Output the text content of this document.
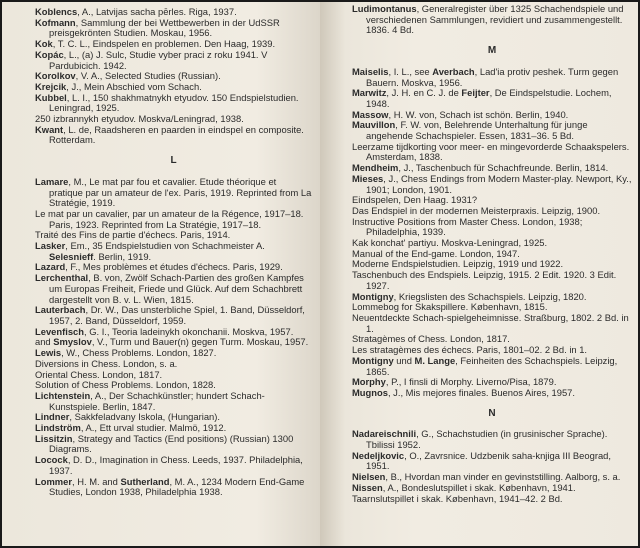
Koblencs, A., Latvijas sacha pērles. Riga, 1937.
Kofmann, Sammlung der bei Wettbewerben in der UdSSR preisgekrönten Studien. Moskau, 1956.
Kok, T. C. L., Eindspelen en problemen. Den Haag, 1939.
Kopác, L., (a) J. Sulc, Studie vyber praci z roku 1941. V Pardubicich. 1942.
Korolkov, V. A., Selected Studies (Russian).
Krejcik, J., Mein Abschied vom Schach.
Kubbel, L. I., 150 shakhmatnykh etyudov. 150 Endspielstudien. Leningrad, 1925.
250 izbrannykh etyudov. Moskva/Leningrad, 1938.
Kwant, L. de, Raadsheren en paarden in eindspel en composite. Rotterdam.
L
Lamare, M., Le mat par fou et cavalier. Etude théorique et pratique par un amateur de l'ex. Paris, 1919. Reprinted from La Stratégie, 1919.
Le mat par un cavalier, par un amateur de la Régence, 1917–18. Paris, 1923. Reprinted from La Stratégie, 1917–18.
Traité des Fins de partie d'échecs. Paris, 1914.
Lasker, Em., 35 Endspielstudien von Schachmeister A. Selesnieff. Berlin, 1919.
Lazard, F., Mes problèmes et études d'échecs. Paris, 1929.
Lerchenthal, B. von, Zwölf Schach-Partien des großen Kampfes um Europas Freiheit, Friede und Glück. Auf dem Schachbrett dargestellt von B. v. L. Wien, 1815.
Lauterbach, Dr. W., Das unsterbliche Spiel, 1. Band, Düsseldorf, 1957, 2. Band, Düsseldorf, 1959.
Levenfisch, G. I., Teoria ladeinykh okonchanii. Moskva, 1957.
and Smyslov, V., Turm und Bauer(n) gegen Turm. Moskau, 1957.
Lewis, W., Chess Problems. London, 1827.
Diversions in Chess. London, s. a.
Oriental Chess. London, 1817.
Solution of Chess Problems. London, 1828.
Lichtenstein, A., Der Schachkünstler; hundert Schach-Kunstspiele. Berlin, 1847.
Lindner, Sakkfeladvany Iskola, (Hungarian).
Lindström, A., Ett urval studier. Malmö, 1912.
Lissitzin, Strategy and Tactics (End positions) (Russian) 1300 Diagrams.
Locock, D. D., Imagination in Chess. Leeds, 1937. Philadelphia, 1937.
Lommer, H. M. and Sutherland, M. A., 1234 Modern End-Game Studies, London 1938, Philadelphia 1938.
Ludimontanus, Generalregister über 1325 Schachendspiele und verschiedenen Sammlungen, revidiert und zusammengestellt. 1836. 4 Bd.
M
Maiselis, I. L., see Averbach, Lad'ia protiv peshek. Turm gegen Bauern. Moskva, 1956.
Marwitz, J. H. en C. J. de Feijter, De Eindspelstudie. Lochem, 1948.
Massow, H. W. von, Schach ist schön. Berlin, 1940.
Mauvillon, F. W. von, Belehrende Unterhaltung für junge angehende Schachspieler. Essen, 1831–36. 5 Bd.
Leerzame tijdkorting voor meer- en mingevorderde Schaakspelers. Amsterdam, 1838.
Mendheim, J., Taschenbuch für Schachfreunde. Berlin, 1814.
Mieses, J., Chess Endings from Modern Master-play. Newport, Ky., 1901; London, 1901.
Eindspelen, Den Haag. 1931?
Das Endspiel in der modernen Meisterpraxis. Leipzig, 1900.
Instructive Positions from Master Chess. London, 1938; Philadelphia, 1939.
Kak konchat' partiyu. Moskva-Leningrad, 1925.
Manual of the End-game. London, 1947.
Moderne Endspielstudien. Leipzig, 1919 und 1922.
Taschenbuch des Endspiels. Leipzig, 1915. 2 Edit. 1920. 3 Edit. 1927.
Montigny, Kriegslisten des Schachspiels. Leipzig, 1820.
Lommebog for Skakspillere. København, 1815.
Neuentdeckte Schach-spielgeheimnisse. Straßburg, 1802. 2 Bd. in 1.
Stratagèmes of Chess. London, 1817.
Les stratagèmes des échecs. Paris, 1801–02. 2 Bd. in 1.
Montigny und M. Lange, Feinheiten des Schachspiels. Leipzig, 1865.
Morphy, P., I finsli di Morphy. Liverno/Pisa, 1879.
Mugnos, J., Mis mejores finales. Buenos Aires, 1957.
N
Nadareischnili, G., Schachstudien (in grusinischer Sprache). Tbilissi 1952.
Nedeljkovic, O., Zavrsnice. Udzbenik saha-knjiga III Beograd, 1951.
Nielsen, B., Hvordan man vinder en gevinststilling. Aalborg, s. a.
Nissen, A., Bondeslutspillet i skak. København, 1941.
Taarnslutspillet i skak. København, 1941–42. 2 Bd.
